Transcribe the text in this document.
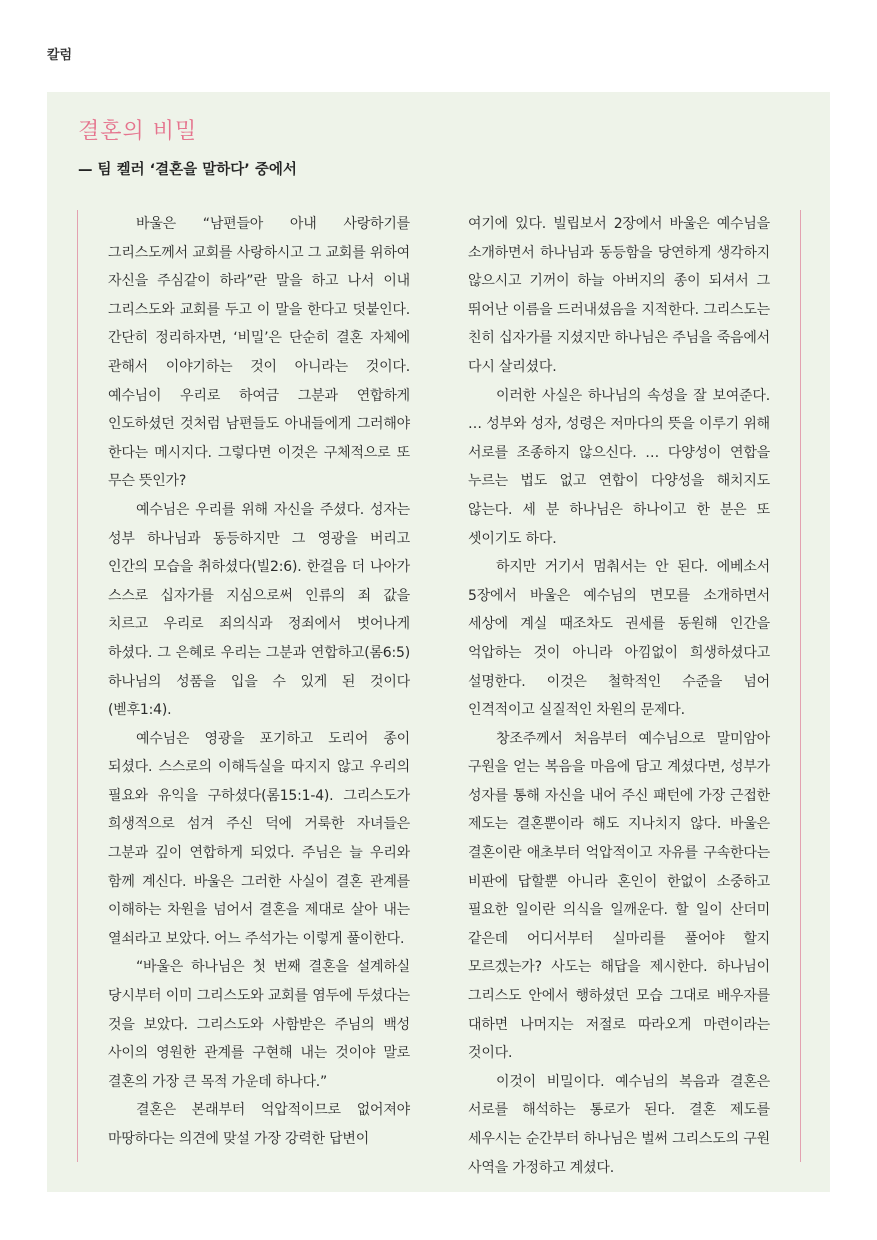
칼럼
결혼의 비밀
— 팀 켈러 ‘결혼을 말하다’ 중에서

바울은 “남편들아 아내 사랑하기를 그리스도께서 교회를 사랑하시고 그 교회를 위하여 자신을 주심같이 하라”란 말을 하고 나서 이내 그리스도와 교회를 두고 이 말을 한다고 덧붙인다. 간단히 정리하자면, ‘비밀’은 단순히 결혼 자체에 관해서 이야기하는 것이 아니라는 것이다. 예수님이 우리로 하여금 그분과 연합하게 인도하셨던 것처럼 남편들도 아내들에게 그러해야 한다는 메시지다. 그렇다면 이것은 구체적으로 또 무슨 뜻인가?

예수님은 우리를 위해 자신을 주셨다. 성자는 성부 하나님과 동등하지만 그 영광을 버리고 인간의 모습을 취하셨다(빌2:6). 한걸음 더 나아가 스스로 십자가를 지심으로써 인류의 죄 값을 치르고 우리로 죄의식과 정죄에서 벗어나게 하셨다. 그 은혜로 우리는 그분과 연합하고(롬6:5) 하나님의 성품을 입을 수 있게 된 것이다(벧후1:4).

예수님은 영광을 포기하고 도리어 종이 되셨다. 스스로의 이해득실을 따지지 않고 우리의 필요와 유익을 구하셨다(롬15:1-4). 그리스도가 희생적으로 섬겨 주신 덕에 거룩한 자녀들은 그분과 깊이 연합하게 되었다. 주님은 늘 우리와 함께 계신다. 바울은 그러한 사실이 결혼 관계를 이해하는 차원을 넘어서 결혼을 제대로 살아 내는 열쇠라고 보았다. 어느 주석가는 이렇게 풀이한다.

“바울은 하나님은 첫 번째 결혼을 설계하실 당시부터 이미 그리스도와 교회를 염두에 두셨다는 것을 보았다. 그리스도와 사함받은 주님의 백성 사이의 영원한 관계를 구현해 내는 것이야 말로 결혼의 가장 큰 목적 가운데 하나다.”

결혼은 본래부터 억압적이므로 없어져야 마땅하다는 의견에 맞설 가장 강력한 답변이

여기에 있다. 빌립보서 2장에서 바울은 예수님을 소개하면서 하나님과 동등함을 당연하게 생각하지 않으시고 기꺼이 하늘 아버지의 종이 되셔서 그 뛰어난 이름을 드러내셨음을 지적한다. 그리스도는 친히 십자가를 지셨지만 하나님은 주님을 죽음에서 다시 살리셨다.

이러한 사실은 하나님의 속성을 잘 보여준다. … 성부와 성자, 성령은 저마다의 뜻을 이루기 위해 서로를 조종하지 않으신다. … 다양성이 연합을 누르는 법도 없고 연합이 다양성을 해치지도 않는다. 세 분 하나님은 하나이고 한 분은 또 셋이기도 하다.

하지만 거기서 멈춰서는 안 된다. 에베소서 5장에서 바울은 예수님의 면모를 소개하면서 세상에 계실 때조차도 권세를 동원해 인간을 억압하는 것이 아니라 아낌없이 희생하셨다고 설명한다. 이것은 철학적인 수준을 넘어 인격적이고 실질적인 차원의 문제다.

창조주께서 처음부터 예수님으로 말미암아 구원을 얻는 복음을 마음에 담고 계셨다면, 성부가 성자를 통해 자신을 내어 주신 패턴에 가장 근접한 제도는 결혼뿐이라 해도 지나치지 않다. 바울은 결혼이란 애초부터 억압적이고 자유를 구속한다는 비판에 답할뿐 아니라 혼인이 한없이 소중하고 필요한 일이란 의식을 일깨운다. 할 일이 산더미 같은데 어디서부터 실마리를 풀어야 할지 모르겠는가? 사도는 해답을 제시한다. 하나님이 그리스도 안에서 행하셨던 모습 그대로 배우자를 대하면 나머지는 저절로 따라오게 마련이라는 것이다.

이것이 비밀이다. 예수님의 복음과 결혼은 서로를 해석하는 통로가 된다. 결혼 제도를 세우시는 순간부터 하나님은 벌써 그리스도의 구원 사역을 가정하고 계셨다.
